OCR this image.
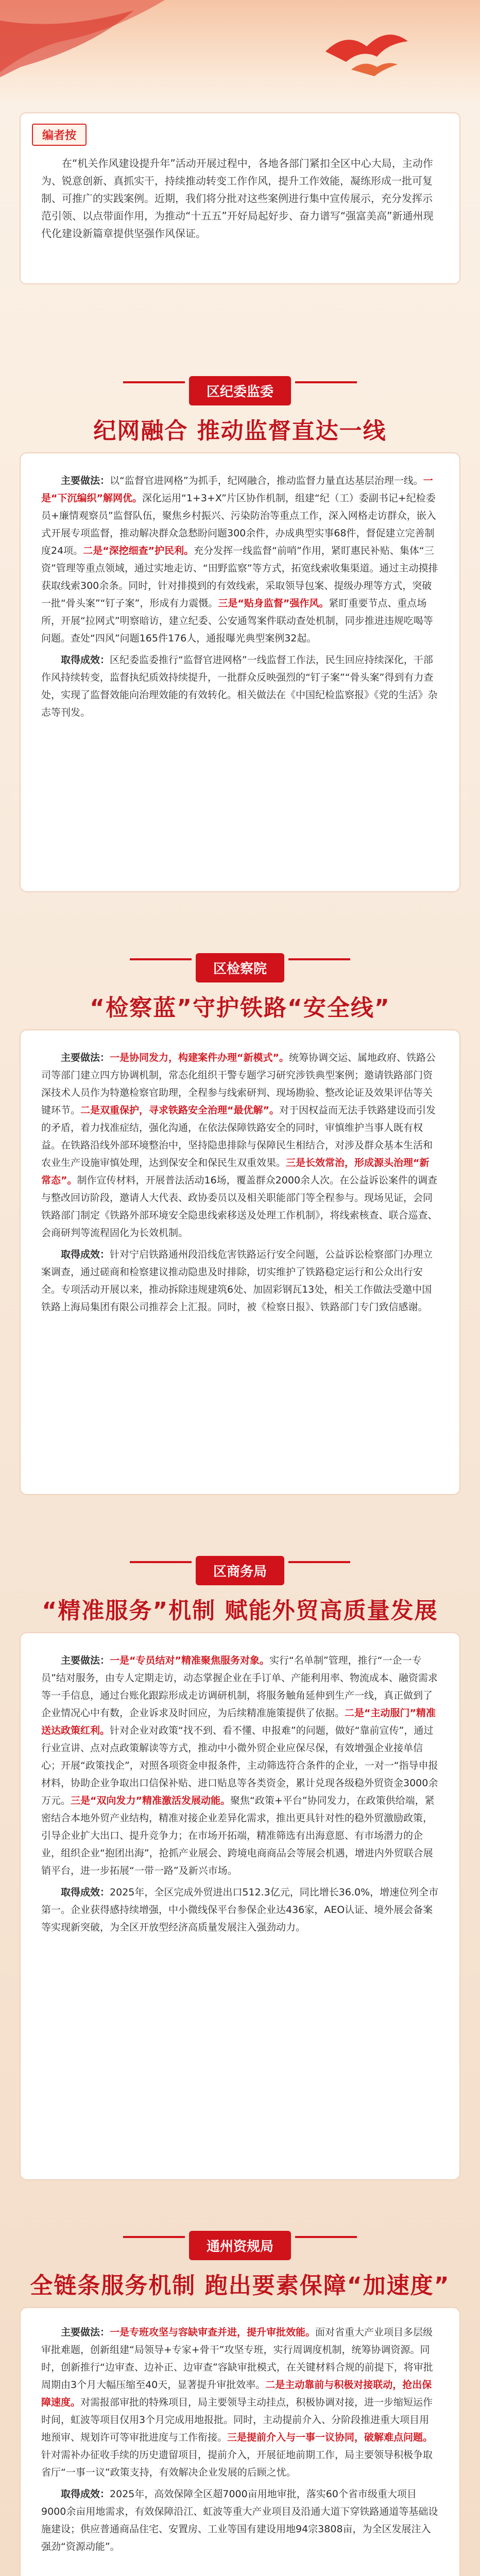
编者按
在“机关作风建设提升年”活动开展过程中，各地各部门紧扣全区中心大局，主动作为、锐意创新、真抓实干，持续推动转变工作作风，提升工作效能，凝练形成一批可复制、可推广的实践案例。近期，我们将分批对这些案例进行集中宣传展示，充分发挥示范引领、以点带面作用，为推动“十五五”开好局起好步、奋力谱写“强富美高”新通州现代化建设新篇章提供坚强作风保证。
区纪委监委
纪网融合 推动监督直达一线

主要做法：以“监督官进网格”为抓手，纪网融合，推动监督力量直达基层治理一线。一是“下沉编织”解网优。深化运用“1+3+X”片区协作机制，组建“纪（工）委副书记+纪检委员+廉情观察员”监督队伍，聚焦乡村振兴、污染防治等重点工作，深入网格走访群众，嵌入式开展专项监督，推动解决群众急愁盼问题300余件，办成典型实事68件，督促建立完善制度24项。二是“深挖细查”护民利。充分发挥一线监督“前哨”作用，紧盯惠民补贴、集体“三资”管理等重点领域，通过实地走访、“田野监察”等方式，拓宽线索收集渠道。通过主动摸排获取线索300余条。同时，针对排摸到的有效线索，采取领导包案、提级办理等方式，突破一批“骨头案”“钉子案”，形成有力震慑。三是“贴身监督”强作风。紧盯重要节点、重点场所，开展“拉网式”明察暗访，建立纪委、公安通驾案件联动查处机制，同步推进违规吃喝等问题。查处“四风”问题165件176人，通报曝光典型案例32起。

取得成效：区纪委监委推行“监督官进网格”一线监督工作法，民生回应持续深化，干部作风持续转变，监督执纪质效持续提升，一批群众反映强烈的“钉子案”“骨头案”得到有力查处，实现了监督效能向治理效能的有效转化。相关做法在《中国纪检监察报》《党的生活》杂志等刊发。

区检察院
“检察蓝”守护铁路“安全线”

主要做法：一是协同发力，构建案件办理“新模式”。统筹协调交运、属地政府、铁路公司等部门建立四方协调机制，常态化组织干警专题学习研究涉铁典型案例；邀请铁路部门资深技术人员作为特邀检察官助理，全程参与线索研判、现场勘验、整改论证及效果评估等关键环节。二是双重保护，寻求铁路安全治理“最优解”。对于因权益而无法手铁路建设而引发的矛盾，着力找准症结，强化沟通，在依法保障铁路安全的同时，审慎维护当事人既有权益。在铁路沿线外部环境整治中，坚持隐患排除与保障民生相结合，对涉及群众基本生活和农业生产设施审慎处理，达到保安全和保民生双重效果。三是长效常治，形成源头治理“新常态”。制作宣传材料，开展普法活动16场，覆盖群众2000余人次。在公益诉讼案件的调查与整改回访阶段，邀请人大代表、政协委员以及相关职能部门等全程参与。现场见证，会同铁路部门制定《铁路外部环境安全隐患线索移送及处理工作机制》，将线索核查、联合巡查、会商研判等流程固化为长效机制。

取得成效：针对宁启铁路通州段沿线危害铁路运行安全问题，公益诉讼检察部门办理立案调查，通过磋商和检察建议推动隐患及时排除，切实维护了铁路稳定运行和公众出行安全。专项活动开展以来，推动拆除违规建筑6处、加固彩钢瓦13处，相关工作做法受邀中国铁路上海局集团有限公司推荐会上汇报。同时，被《检察日报》、铁路部门专门致信感谢。

区商务局
“精准服务”机制 赋能外贸高质量发展

主要做法：一是“专员结对”精准聚焦服务对象。实行“名单制”管理，推行“一企一专员”结对服务，由专人定期走访，动态掌握企业在手订单、产能利用率、物流成本、融资需求等一手信息，通过台账化跟踪形成走访调研机制，将服务触角延伸到生产一线，真正做到了企业情况心中有数，企业诉求及时回应，为后续精准施策提供了依据。二是“主动服门”精准送达政策红利。针对企业对政策“找不到、看不懂、申报难”的问题，做好“靠前宣传”，通过行业宣讲、点对点政策解读等方式，推动中小微外贸企业应保尽保，有效增强企业接单信心；开展“政策找企”，对照各项资金申报条件，主动筛选符合条件的企业，一对一“指导申报材料，协助企业争取出口信保补贴、进口贴息等各类资金，累计兑现各级稳外贸资金3000余万元。三是“双向发力”精准激活发展动能。聚焦“政策+平台”协同发力，在政策供给端，紧密结合本地外贸产业结构，精准对接企业差异化需求，推出更具针对性的稳外贸激励政策，引导企业扩大出口、提升竞争力；在市场开拓端，精准筛选有出海意愿、有市场潜力的企业，组织企业“抱团出海”，抢抓产业展会、跨境电商商品会等展会机遇，增进内外贸联合展销平台，进一步拓展“一带一路”及新兴市场。

取得成效：2025年，全区完成外贸进出口512.3亿元，同比增长36.0%，增速位列全市第一。企业获得感持续增强，中小微线保平台参保企业达436家，AEO认证、境外展会备案等实现新突破，为全区开放型经济高质量发展注入强劲动力。

通州资规局
全链条服务机制 跑出要素保障“加速度”

主要做法：一是专班攻坚与容缺审查并进，提升审批效能。面对省重大产业项目多层级审批难题，创新组建“局领导+专家+骨干”攻坚专班，实行周调度机制，统筹协调资源。同时，创新推行“边审查、边补正、边审查”容缺审批模式，在关键材料合规的前提下，将审批周期由3个月大幅压缩至40天，显著提升审批效率。二是主动靠前与积极对接联动，抢出保障速度。对需报部审批的特殊项目，局主要领导主动挂点，积极协调对接，进一步缩短运作时间，虹波等项目仅用3个月完成用地报批。同时，主动提前介入、分阶段推进重大项目用地预审、规划许可等审批进度与工作衔接。三是提前介入与一事一议协同，破解难点问题。针对需补办征收手续的历史遗留项目，提前介入，开展征地前期工作，局主要领导积极争取省厅“一事一议”政策支持，有效解决企业发展的后顾之忧。

取得成效：2025年，高效保障全区超7000亩用地审批，落实60个省市级重大项目9000余亩用地需求，有效保障沿江、虹波等重大产业项目及沿通大道下穿铁路通道等基础设施建设；供应普通商品住宅、安置房、工业等国有建设用地94宗3808亩，为全区发展注入强劲“资源动能”。
